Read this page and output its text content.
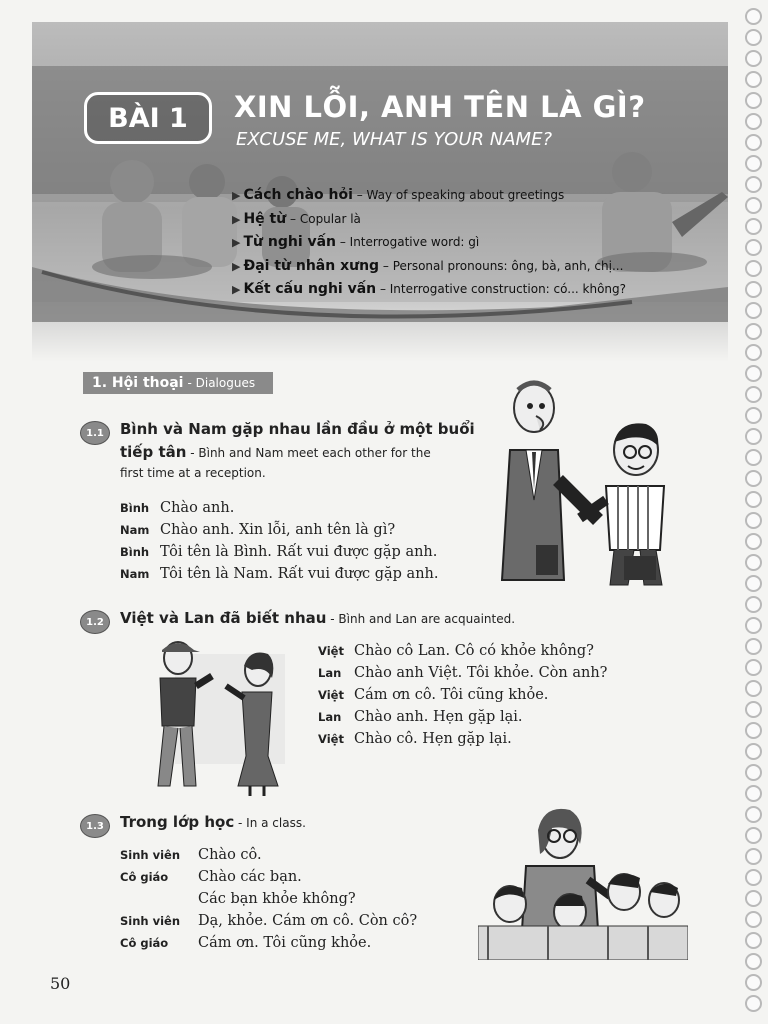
BÀI 1 XIN LỖI, ANH TÊN LÀ GÌ?
EXCUSE ME, WHAT IS YOUR NAME?
▶ Cách chào hỏi – Way of speaking about greetings
▶ Hệ từ – Copular là
▶ Từ nghi vấn – Interrogative word: gì
▶ Đại từ nhân xưng – Personal pronouns: ông, bà, anh, chị...
▶ Kết cấu nghi vấn – Interrogative construction: có... không?
1. Hội thoại - Dialogues
1.1	Bình và Nam gặp nhau lần đầu ở một buổi
tiếp tân - Bình and Nam meet each other for the
first time at a reception.
Bình Chào anh.
Nam Chào anh. Xin lỗi, anh tên là gì?
Bình Tôi tên là Bình. Rất vui được gặp anh.
Nam Tôi tên là Nam. Rất vui được gặp anh.
1.2	Việt và Lan đã biết nhau - Bình and Lan are acquainted.
Việt Chào cô Lan. Cô có khỏe không?
Lan Chào anh Việt. Tôi khỏe. Còn anh?
Việt Cám ơn cô. Tôi cũng khỏe.
Lan Chào anh. Hẹn gặp lại.
Việt Chào cô. Hẹn gặp lại.
1.3	Trong lớp học - In a class.
Sinh viên	Chào cô.
Cô giáo	Chào các bạn.
Các bạn khỏe không?
Sinh viên	Dạ, khỏe. Cám ơn cô. Còn cô?
Cô giáo	Cám ơn. Tôi cũng khỏe.
50
